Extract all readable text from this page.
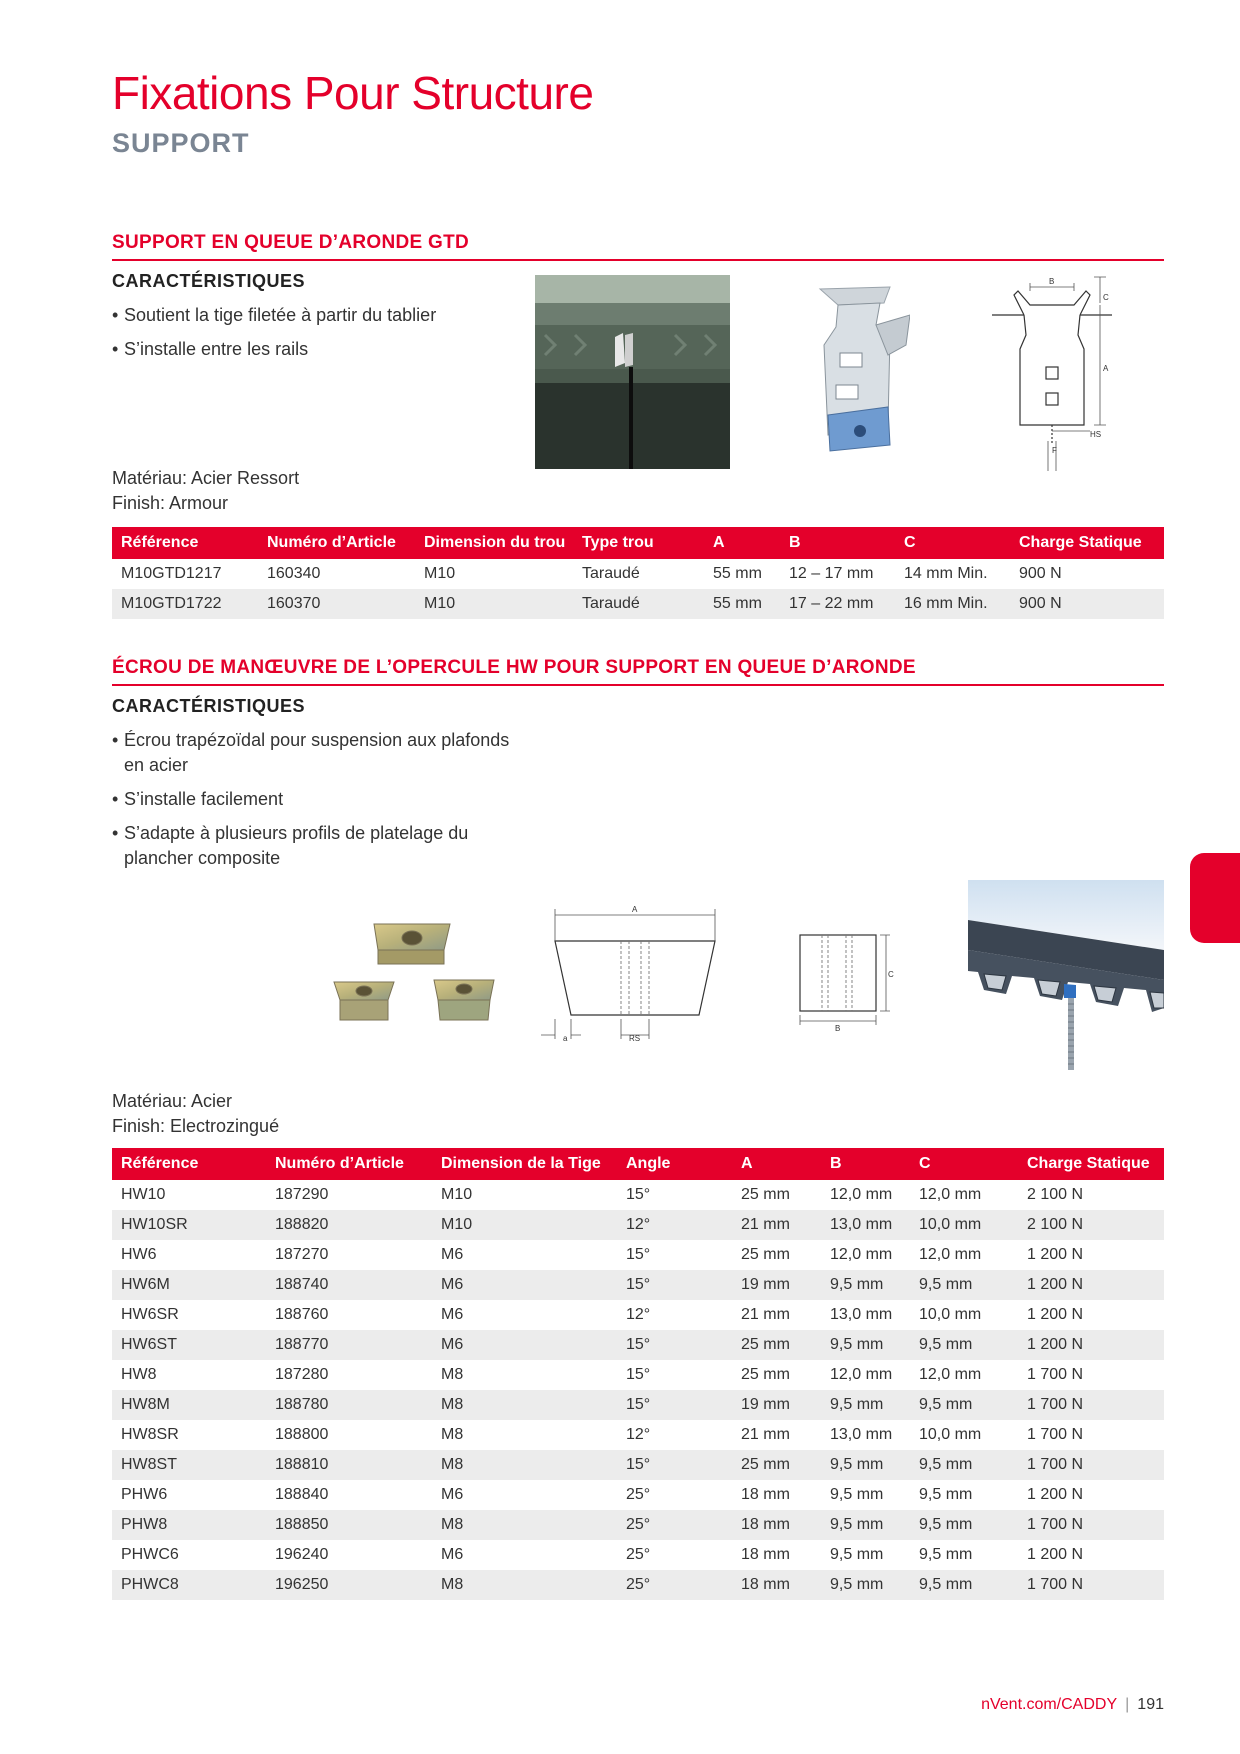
Fixations Pour Structure
SUPPORT
SUPPORT EN QUEUE D’ARONDE GTD
CARACTÉRISTIQUES
• Soutient la tige filetée à partir du tablier
• S’installe entre les rails
B
C
A
HS
F
Matériau: Acier Ressort
Finish: Armour
Référence	Numéro d’Article	Dimension du trou	Type trou	A	B	C	Charge Statique
M10GTD1217	160340	M10	Taraudé	55 mm	12 – 17 mm	14 mm Min.	900 N
M10GTD1722	160370	M10	Taraudé	55 mm	17 – 22 mm	16 mm Min.	900 N
ÉCROU DE MANŒUVRE DE L’OPERCULE HW POUR SUPPORT EN QUEUE D’ARONDE
CARACTÉRISTIQUES
• Écrou trapézoïdal pour suspension aux plafonds en acier
• S’installe facilement
• S’adapte à plusieurs profils de platelage du plancher composite
A
a	RS
C
B
Matériau: Acier
Finish: Electrozingué
Référence	Numéro d’Article	Dimension de la Tige	Angle	A	B	C	Charge Statique
HW10	187290	M10	15°	25 mm	12,0 mm	12,0 mm	2 100 N
HW10SR	188820	M10	12°	21 mm	13,0 mm	10,0 mm	2 100 N
HW6	187270	M6	15°	25 mm	12,0 mm	12,0 mm	1 200 N
HW6M	188740	M6	15°	19 mm	9,5 mm	9,5 mm	1 200 N
HW6SR	188760	M6	12°	21 mm	13,0 mm	10,0 mm	1 200 N
HW6ST	188770	M6	15°	25 mm	9,5 mm	9,5 mm	1 200 N
HW8	187280	M8	15°	25 mm	12,0 mm	12,0 mm	1 700 N
HW8M	188780	M8	15°	19 mm	9,5 mm	9,5 mm	1 700 N
HW8SR	188800	M8	12°	21 mm	13,0 mm	10,0 mm	1 700 N
HW8ST	188810	M8	15°	25 mm	9,5 mm	9,5 mm	1 700 N
PHW6	188840	M6	25°	18 mm	9,5 mm	9,5 mm	1 200 N
PHW8	188850	M8	25°	18 mm	9,5 mm	9,5 mm	1 700 N
PHWC6	196240	M6	25°	18 mm	9,5 mm	9,5 mm	1 200 N
PHWC8	196250	M8	25°	18 mm	9,5 mm	9,5 mm	1 700 N
nVent.com/CADDY | 191
